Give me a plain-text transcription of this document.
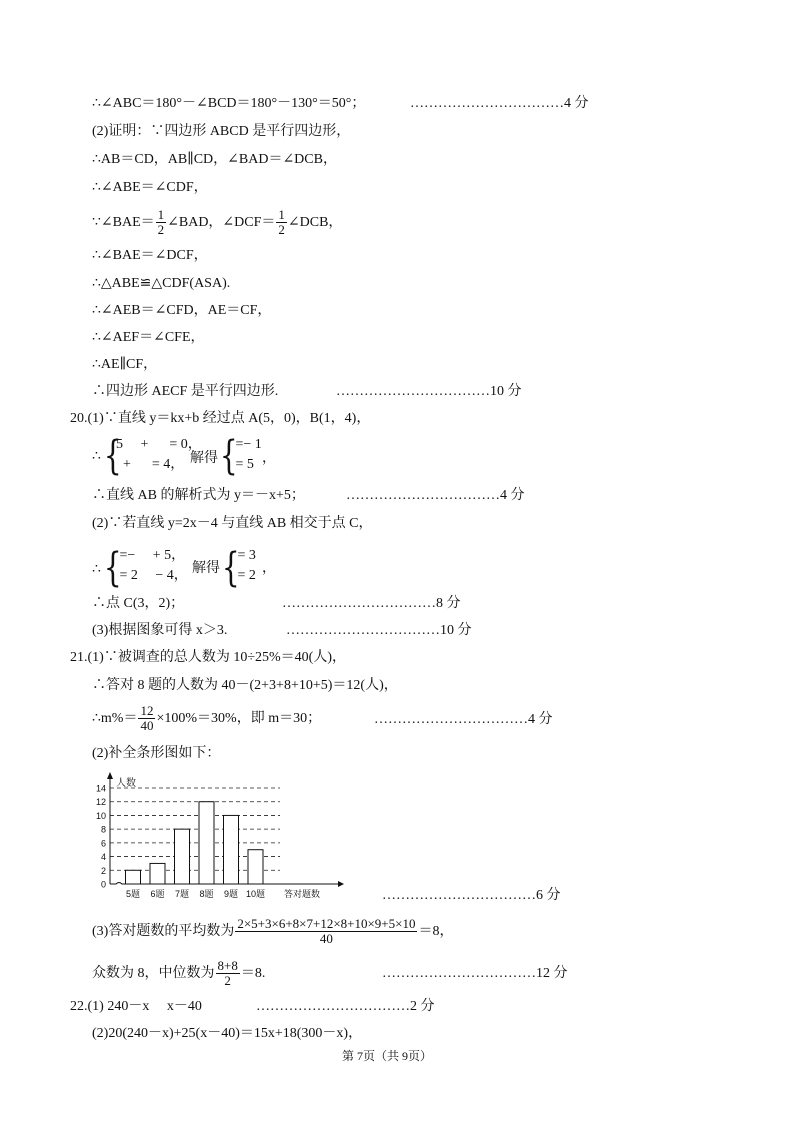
∴∠ABC＝180°－∠BCD＝180°－130°＝50°；	……………………………4 分
(2)证明：∵四边形 ABCD 是平行四边形，
∴AB＝CD，AB∥CD，∠BAD＝∠DCB，
∴∠ABE＝∠CDF，
∵∠BAE＝ $\frac{1}{2}$ ∠BAD，∠DCF＝ $\frac{1}{2}$ ∠DCB，
∴∠BAE＝∠DCF，
∴△ABE≌△CDF(ASA).
∴∠AEB＝∠CFD，AE＝CF，
∴∠AEF＝∠CFE，
∴AE∥CF，
∴四边形 AECF 是平行四边形.	……………………………10 分
20.(1)∵直线 y＝kx+b 经过点 A(5，0)，B(1，4)，
∴ {
5 　+ 　 = 0，
+ 　 = 4， 解得 {
=− 1
= 5 ，
∴直线 AB 的解析式为 y＝－x+5；	……………………………4 分
(2)∵若直线 y=2x－4 与直线 AB 相交于点 C，
∴ {
=− 　+ 5，
= 2 　− 4， 解得 {
= 3
= 2 ，
∴点 C(3，2)；	……………………………8 分
(3)根据图象可得 x＞3.	……………………………10 分
21.(1)∵被调查的总人数为 10÷25%＝40(人)，
∴答对 8 题的人数为 40－(2+3+8+10+5)＝12(人)，
∴m%＝ $\frac{12}{40} \times 100\%=30\%$，即 m＝30；	……………………………4 分
(2)补全条形图如下：
0
2
4
6
8
10
12
14 人数
5题 6题 7题 8题 9题 10题 答对题数	……………………………6 分
(3)答对题数的平均数为 $\frac{2\times 5+3\times 6+8\times 7+12\times 8+10\times 9+5\times 10}{40} =8$，
众数为 8，中位数为 $\frac{8+8}{2} =8$.	……………………………12 分
22.(1) 240－x　 x－40	……………………………2 分
(2)20(240－x)+25(x－40)＝15x+18(300－x)，
第 7页（共 9页）
